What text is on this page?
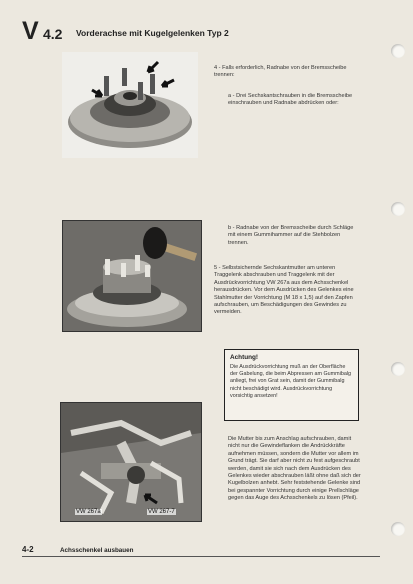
V 4.2 Vorderachse mit Kugelgelenken Typ 2
4 - Falls erforderlich, Radnabe von der Bremsscheibe trennen:
a - Drei Sechskantschrauben in die Bremsscheibe einschrauben und Radnabe abdrücken oder:
b - Radnabe von der Bremsscheibe durch Schläge mit einem Gummihammer auf die Stehbolzen trennen.
5 - Selbstsichernde Sechskantmutter am unteren Traggelenk abschrauben und Traggelenk mit der Ausdrückvorrichtung VW 267a aus dem Achsschenkel herausdrücken. Vor dem Ausdrücken des Gelenkes eine Stahlmutter der Vorrichtung (M 18 x 1,5) auf den Zapfen aufschrauben, um Beschädigungen des Gewindes zu vermeiden.
Achtung!
Die Ausdrückvorrichtung muß an der Oberfläche der Gabelung, die beim Abpressen am Gummibalg anliegt, frei von Grat sein, damit der Gummibalg nicht beschädigt wird. Ausdrückvorrichtung vorsichtig ansetzen!
VW 267a	VW 267-7
Die Mutter bis zum Anschlag aufschrauben, damit nicht nur die Gewindeflanken die Andrückkräfte aufnehmen müssen, sondern die Mutter vor allem im Grund trägt. Sie darf aber nicht zu fest aufgeschraubt werden, damit sie sich nach dem Ausdrücken des Gelenkes wieder abschrauben läßt ohne daß sich der Kugelbolzen anhebt. Sehr feststehende Gelenke sind bei gespannter Vorrichtung durch einige Prellschläge gegen das Auge des Achsschenkels zu lösen (Pfeil).
4-2	Achsschenkel ausbauen
